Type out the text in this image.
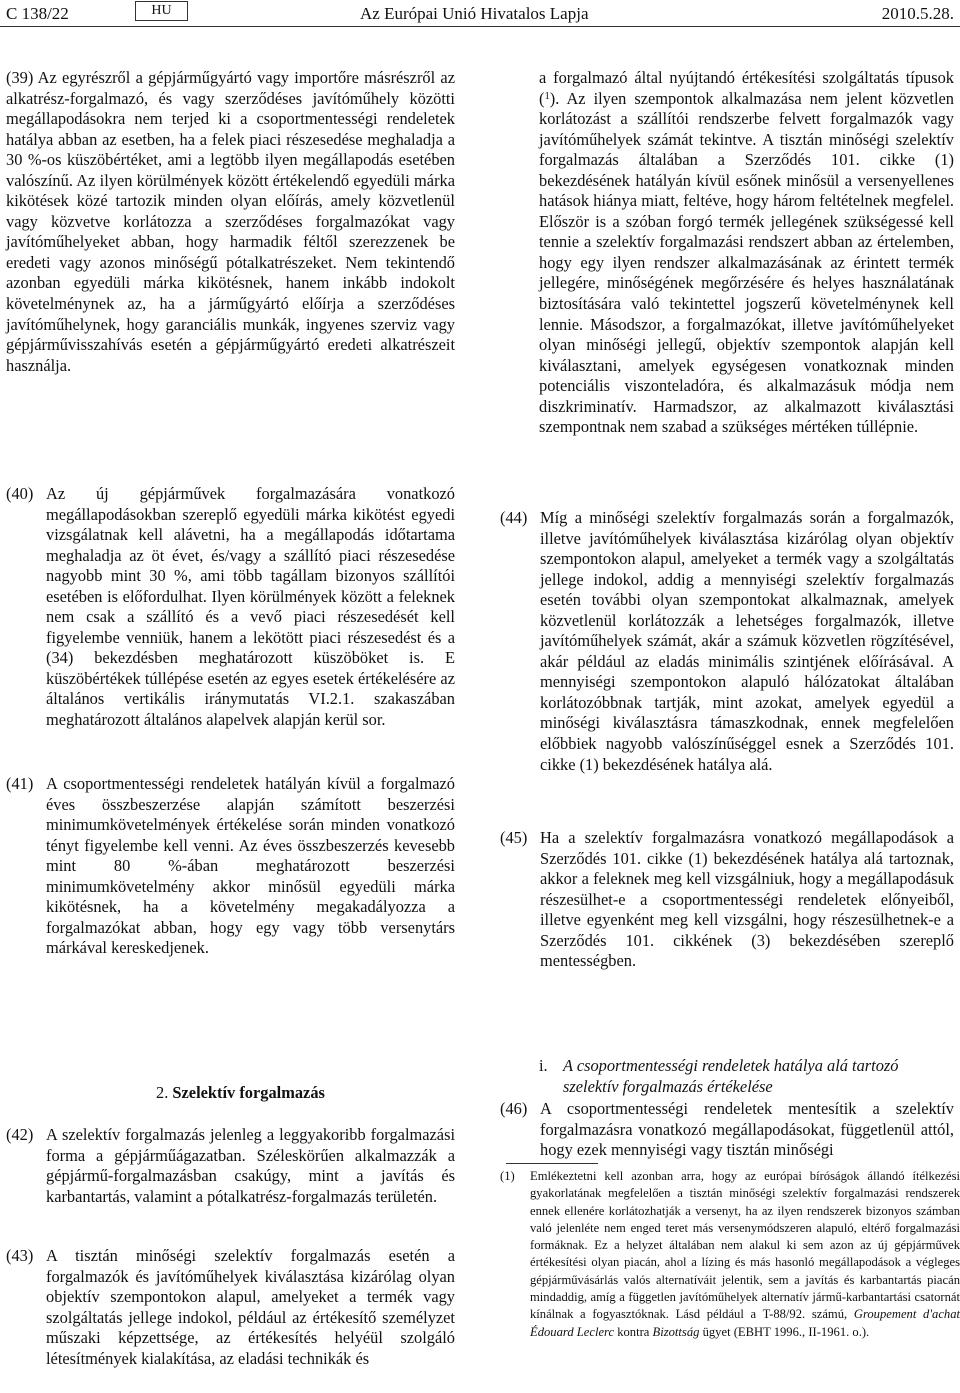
C 138/22	HU	Az Európai Unió Hivatalos Lapja	2010.5.28.

(39) Az egyrészről a gépjárműgyártó vagy importőre másrészről az alkatrész-forgalmazó, és vagy szerződéses javítóműhely közötti megállapodásokra nem terjed ki a csoportmentességi rendeletek hatálya abban az esetben, ha a felek piaci részesedése meghaladja a 30 %-os küszöbértéket, ami a legtöbb ilyen megállapodás esetében valószínű. Az ilyen körülmények között értékelendő egyedüli márka kikötések közé tartozik minden olyan előírás, amely közvetlenül vagy közvetve korlátozza a szerződéses forgalmazókat vagy javítóműhelyeket abban, hogy harmadik féltől szerezzenek be eredeti vagy azonos minőségű pótalkatrészeket. Nem tekintendő azonban egyedüli márka kikötésnek, hanem inkább indokolt követelménynek az, ha a járműgyártó előírja a szerződéses javítóműhelynek, hogy garanciális munkák, ingyenes szerviz vagy gépjárművisszahívás esetén a gépjárműgyártó eredeti alkatrészeit használja.

(40) Az új gépjárművek forgalmazására vonatkozó megállapodásokban szereplő egyedüli márka kikötést egyedi vizsgálatnak kell alávetni, ha a megállapodás időtartama meghaladja az öt évet, és/vagy a szállító piaci részesedése nagyobb mint 30 %, ami több tagállam bizonyos szállítói esetében is előfordulhat. Ilyen körülmények között a feleknek nem csak a szállító és a vevő piaci részesedését kell figyelembe venniük, hanem a lekötött piaci részesedést és a (34) bekezdésben meghatározott küszöböket is. E küszöbértékek túllépése esetén az egyes esetek értékelésére az általános vertikális iránymutatás VI.2.1. szakaszában meghatározott általános alapelvek alapján kerül sor.
(41) A csoportmentességi rendeletek hatályán kívül a forgalmazó éves összbeszerzése alapján számított beszerzési minimumkövetelmények értékelése során minden vonatkozó tényt figyelembe kell venni. Az éves összbeszerzés kevesebb mint 80 %-ában meghatározott beszerzési minimumkövetelmény akkor minősül egyedüli márka kikötésnek, ha a követelmény megakadályozza a forgalmazókat abban, hogy egy vagy több versenytárs márkával kereskedjenek.
2. Szelektív forgalmazás
(42) A szelektív forgalmazás jelenleg a leggyakoribb forgalmazási forma a gépjárműágazatban. Széleskörűen alkalmazzák a gépjármű-forgalmazásban csakúgy, mint a javítás és karbantartás, valamint a pótalkatrész-forgalmazás területén.
(43) A tisztán minőségi szelektív forgalmazás esetén a forgalmazók és javítóműhelyek kiválasztása kizárólag olyan objektív szempontokon alapul, amelyeket a termék vagy szolgáltatás jellege indokol, például az értékesítő személyzet műszaki képzettsége, az értékesítés helyéül szolgáló létesítmények kialakítása, az eladási technikák és
a forgalmazó által nyújtandó értékesítési szolgáltatás típusok ($^1$). Az ilyen szempontok alkalmazása nem jelent közvetlen korlátozást a szállítói rendszerbe felvett forgalmazók vagy javítóműhelyek számát tekintve. A tisztán minőségi szelektív forgalmazás általában a Szerződés 101. cikke (1) bekezdésének hatályán kívül esőnek minősül a versenyellenes hatások hiánya miatt, feltéve, hogy három feltételnek megfelel. Először is a szóban forgó termék jellegének szükségessé kell tennie a szelektív forgalmazási rendszert abban az értelemben, hogy egy ilyen rendszer alkalmazásának az érintett termék jellegére, minőségének megőrzésére és helyes használatának biztosítására való tekintettel jogszerű követelménynek kell lennie. Másodszor, a forgalmazókat, illetve javítóműhelyeket olyan minőségi jellegű, objektív szempontok alapján kell kiválasztani, amelyek egységesen vonatkoznak minden potenciális viszonteladóra, és alkalmazásuk módja nem diszkriminatív. Harmadszor, az alkalmazott kiválasztási szempontnak nem szabad a szükséges mértéken túllépnie.
(44) Míg a minőségi szelektív forgalmazás során a forgalmazók, illetve javítóműhelyek kiválasztása kizárólag olyan objektív szempontokon alapul, amelyeket a termék vagy a szolgáltatás jellege indokol, addig a mennyiségi szelektív forgalmazás esetén további olyan szempontokat alkalmaznak, amelyek közvetlenül korlátozzák a lehetséges forgalmazók, illetve javítóműhelyek számát, akár a számuk közvetlen rögzítésével, akár például az eladás minimális szintjének előírásával. A mennyiségi szempontokon alapuló hálózatokat általában korlátozóbbnak tartják, mint azokat, amelyek egyedül a minőségi kiválasztásra támaszkodnak, ennek megfelelően előbbiek nagyobb valószínűséggel esnek a Szerződés 101. cikke (1) bekezdésének hatálya alá.
(45) Ha a szelektív forgalmazásra vonatkozó megállapodások a Szerződés 101. cikke (1) bekezdésének hatálya alá tartoznak, akkor a feleknek meg kell vizsgálniuk, hogy a megállapodásuk részesülhet-e a csoportmentességi rendeletek előnyeiből, illetve egyenként meg kell vizsgálni, hogy részesülhetnek-e a Szerződés 101. cikkének (3) bekezdésében szereplő mentességben.
i. A csoportmentességi rendeletek hatálya alá tartozó szelektív forgalmazás értékelése
(46) A csoportmentességi rendeletek mentesítik a szelektív forgalmazásra vonatkozó megállapodásokat, függetlenül attól, hogy ezek mennyiségi vagy tisztán minőségi
(1)	Emlékeztetni kell azonban arra, hogy az európai bíróságok állandó ítélkezési gyakorlatának megfelelően a tisztán minőségi szelektív forgalmazási rendszerek ennek ellenére korlátozhatják a versenyt, ha az ilyen rendszerek bizonyos számban való jelenléte nem enged teret más versenymódszeren alapuló, eltérő forgalmazási formáknak. Ez a helyzet általában nem alakul ki sem azon az új gépjárművek értékesítési olyan piacán, ahol a lízing és más hasonló megállapodások a végleges gépjárművásárlás valós alternatíváit jelentik, sem a javítás és karbantartás piacán mindaddig, amíg a független javítóműhelyek alternatív jármű-karbantartási csatornát kínálnak a fogyasztóknak. Lásd például a T-88/92. számú, Groupement d'achat Édouard Leclerc kontra Bizottság ügyet (EBHT 1996., II-1961. o.).
